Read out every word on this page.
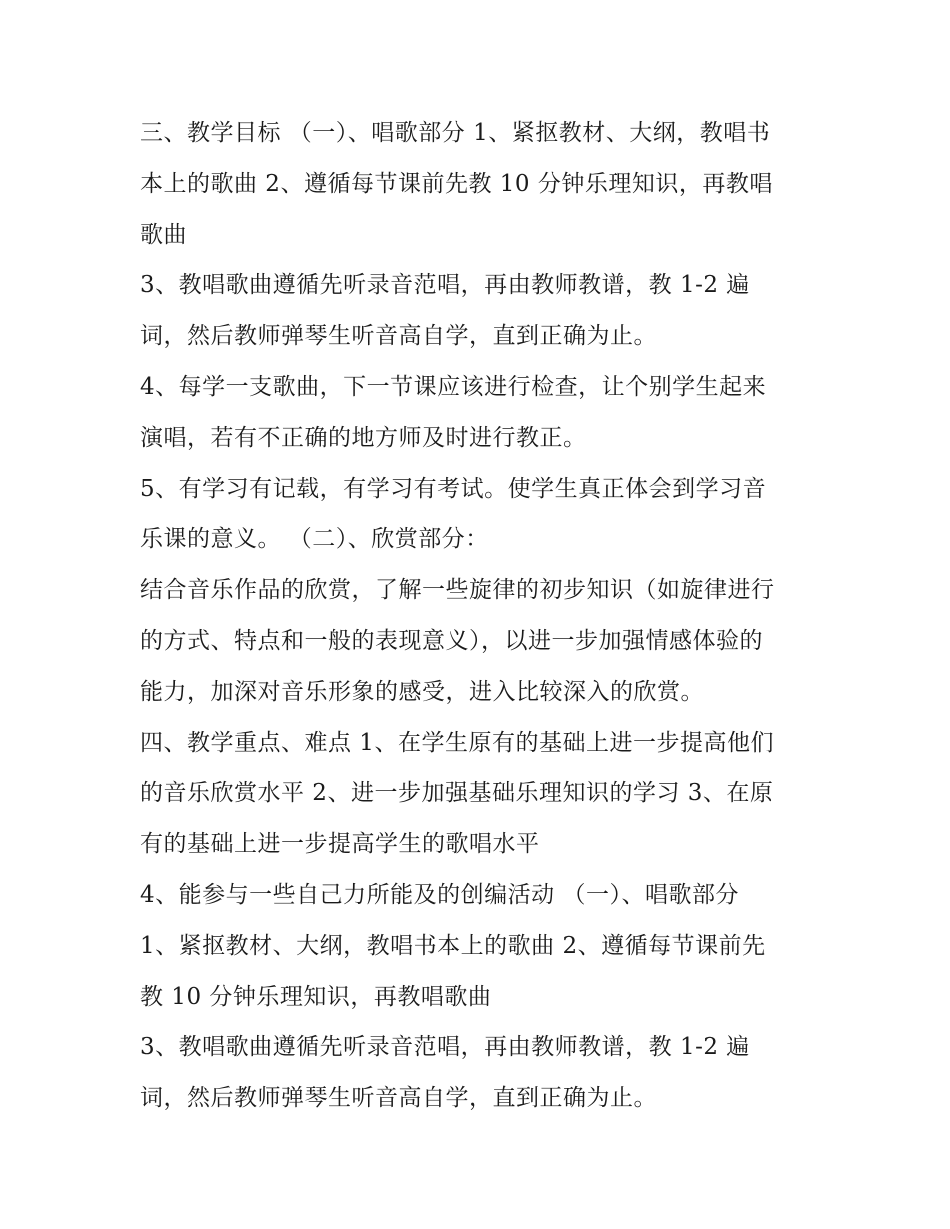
三、教学目标 （一）、唱歌部分 1、紧抠教材、大纲，教唱书
本上的歌曲 2、遵循每节课前先教 10 分钟乐理知识，再教唱
歌曲
3、教唱歌曲遵循先听录音范唱，再由教师教谱，教 1-2 遍
词，然后教师弹琴生听音高自学，直到正确为止。
4、每学一支歌曲，下一节课应该进行检查，让个别学生起来
演唱，若有不正确的地方师及时进行教正。
5、有学习有记载，有学习有考试。使学生真正体会到学习音
乐课的意义。 （二）、欣赏部分：
结合音乐作品的欣赏，了解一些旋律的初步知识（如旋律进行
的方式、特点和一般的表现意义），以进一步加强情感体验的
能力，加深对音乐形象的感受，进入比较深入的欣赏。
四、教学重点、难点 1、在学生原有的基础上进一步提高他们
的音乐欣赏水平 2、进一步加强基础乐理知识的学习 3、在原
有的基础上进一步提高学生的歌唱水平
4、能参与一些自己力所能及的创编活动 （一）、唱歌部分
1、紧抠教材、大纲，教唱书本上的歌曲 2、遵循每节课前先
教 10 分钟乐理知识，再教唱歌曲
3、教唱歌曲遵循先听录音范唱，再由教师教谱，教 1-2 遍
词，然后教师弹琴生听音高自学，直到正确为止。
